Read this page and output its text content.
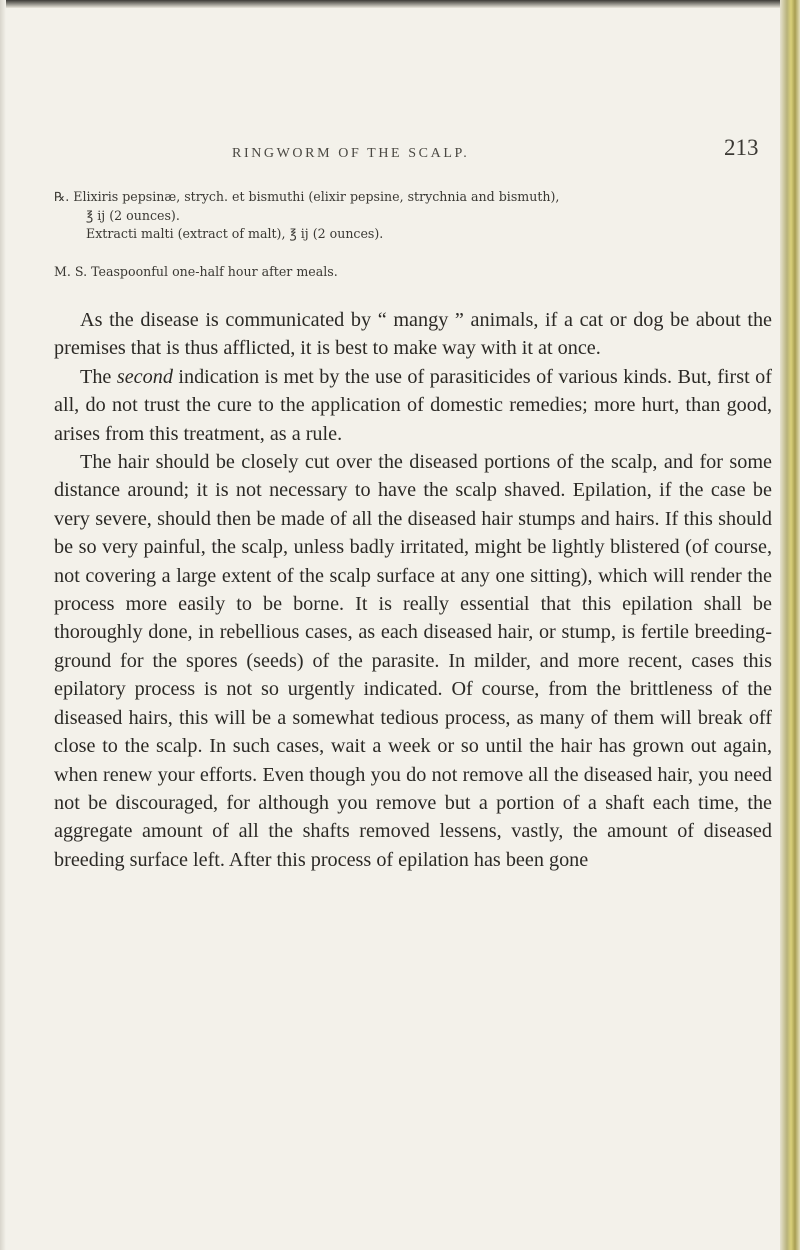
RINGWORM OF THE SCALP.	213
℞. Elixiris pepsinæ, strych. et bismuthi (elixir pepsine, strychnia and bismuth),
℥ ij (2 ounces).
Extracti malti (extract of malt), ℥ ij (2 ounces).
M. S. Teaspoonful one-half hour after meals.

As the disease is communicated by “ mangy ” animals, if a cat or dog be about the premises that is thus afflicted, it is best to make way with it at once.

The second indication is met by the use of parasiticides of various kinds. But, first of all, do not trust the cure to the application of domestic remedies; more hurt, than good, arises from this treatment, as a rule.

The hair should be closely cut over the diseased portions of the scalp, and for some distance around; it is not necessary to have the scalp shaved. Epilation, if the case be very severe, should then be made of all the diseased hair stumps and hairs. If this should be so very painful, the scalp, unless badly irritated, might be lightly blistered (of course, not covering a large extent of the scalp surface at any one sitting), which will render the process more easily to be borne. It is really essential that this epilation shall be thoroughly done, in rebellious cases, as each diseased hair, or stump, is fertile breeding-ground for the spores (seeds) of the parasite. In milder, and more recent, cases this epilatory process is not so urgently indicated. Of course, from the brittleness of the diseased hairs, this will be a somewhat tedious process, as many of them will break off close to the scalp. In such cases, wait a week or so until the hair has grown out again, when renew your efforts. Even though you do not remove all the diseased hair, you need not be discouraged, for although you remove but a portion of a shaft each time, the aggregate amount of all the shafts removed lessens, vastly, the amount of diseased breeding surface left. After this process of epilation has been gone
